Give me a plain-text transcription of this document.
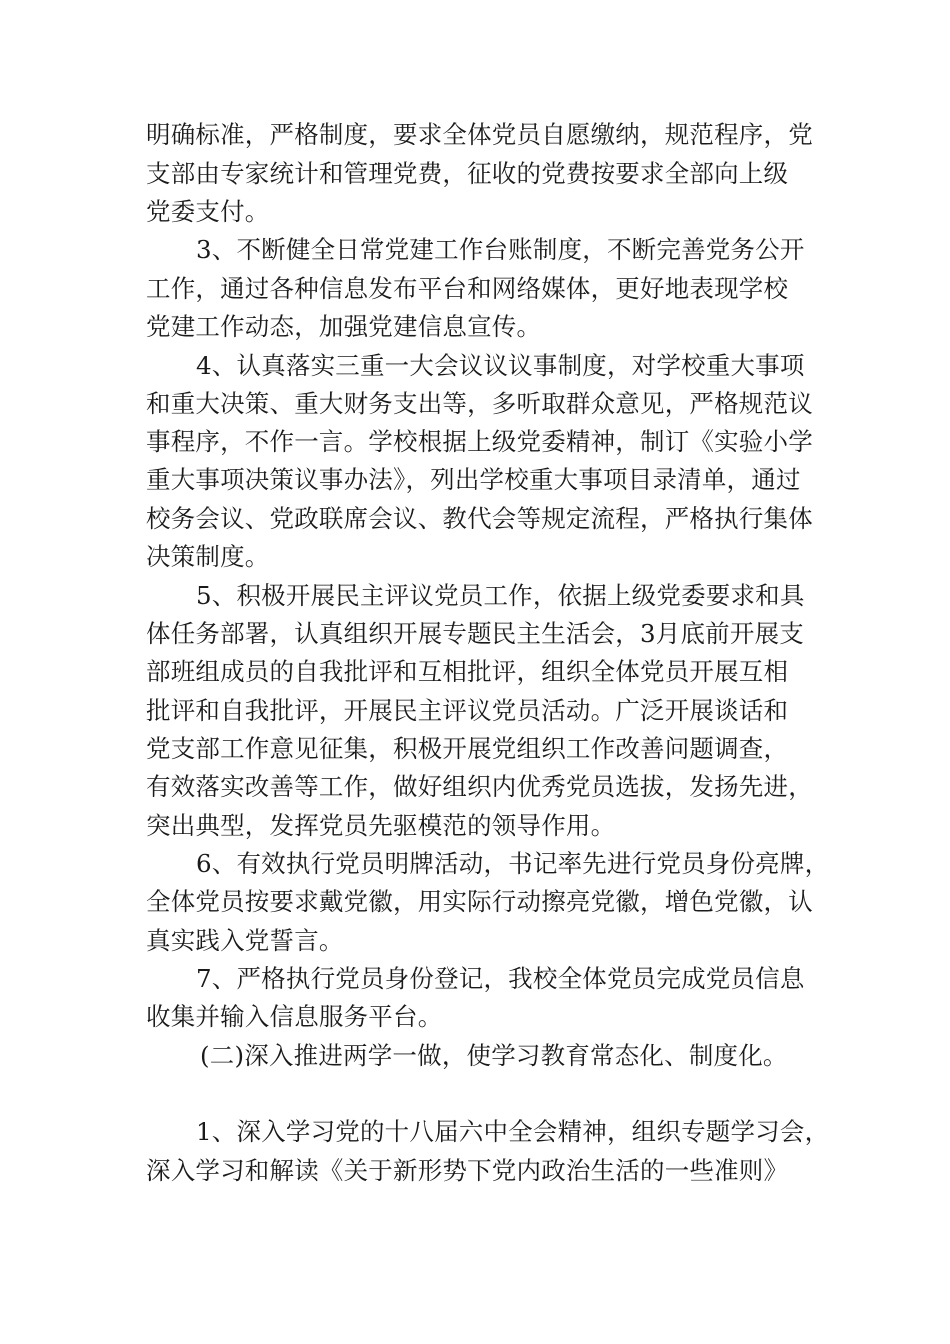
明确标准，严格制度，要求全体党员自愿缴纳，规范程序，党
支部由专家统计和管理党费，征收的党费按要求全部向上级
党委支付。
3、不断健全日常党建工作台账制度，不断完善党务公开
工作，通过各种信息发布平台和网络媒体，更好地表现学校
党建工作动态，加强党建信息宣传。
4、认真落实三重一大会议议议事制度，对学校重大事项
和重大决策、重大财务支出等，多听取群众意见，严格规范议
事程序，不作一言。学校根据上级党委精神，制订《实验小学
重大事项决策议事办法》，列出学校重大事项目录清单，通过
校务会议、党政联席会议、教代会等规定流程，严格执行集体
决策制度。
5、积极开展民主评议党员工作，依据上级党委要求和具
体任务部署，认真组织开展专题民主生活会，3月底前开展支
部班组成员的自我批评和互相批评，组织全体党员开展互相
批评和自我批评，开展民主评议党员活动。广泛开展谈话和
党支部工作意见征集，积极开展党组织工作改善问题调查，
有效落实改善等工作，做好组织内优秀党员选拔，发扬先进，
突出典型，发挥党员先驱模范的领导作用。
6、有效执行党员明牌活动，书记率先进行党员身份亮牌，
全体党员按要求戴党徽，用实际行动擦亮党徽，增色党徽，认
真实践入党誓言。
7、严格执行党员身份登记，我校全体党员完成党员信息
收集并输入信息服务平台。
(二)深入推进两学一做，使学习教育常态化、制度化。
1、深入学习党的十八届六中全会精神，组织专题学习会，
深入学习和解读《关于新形势下党内政治生活的一些准则》
